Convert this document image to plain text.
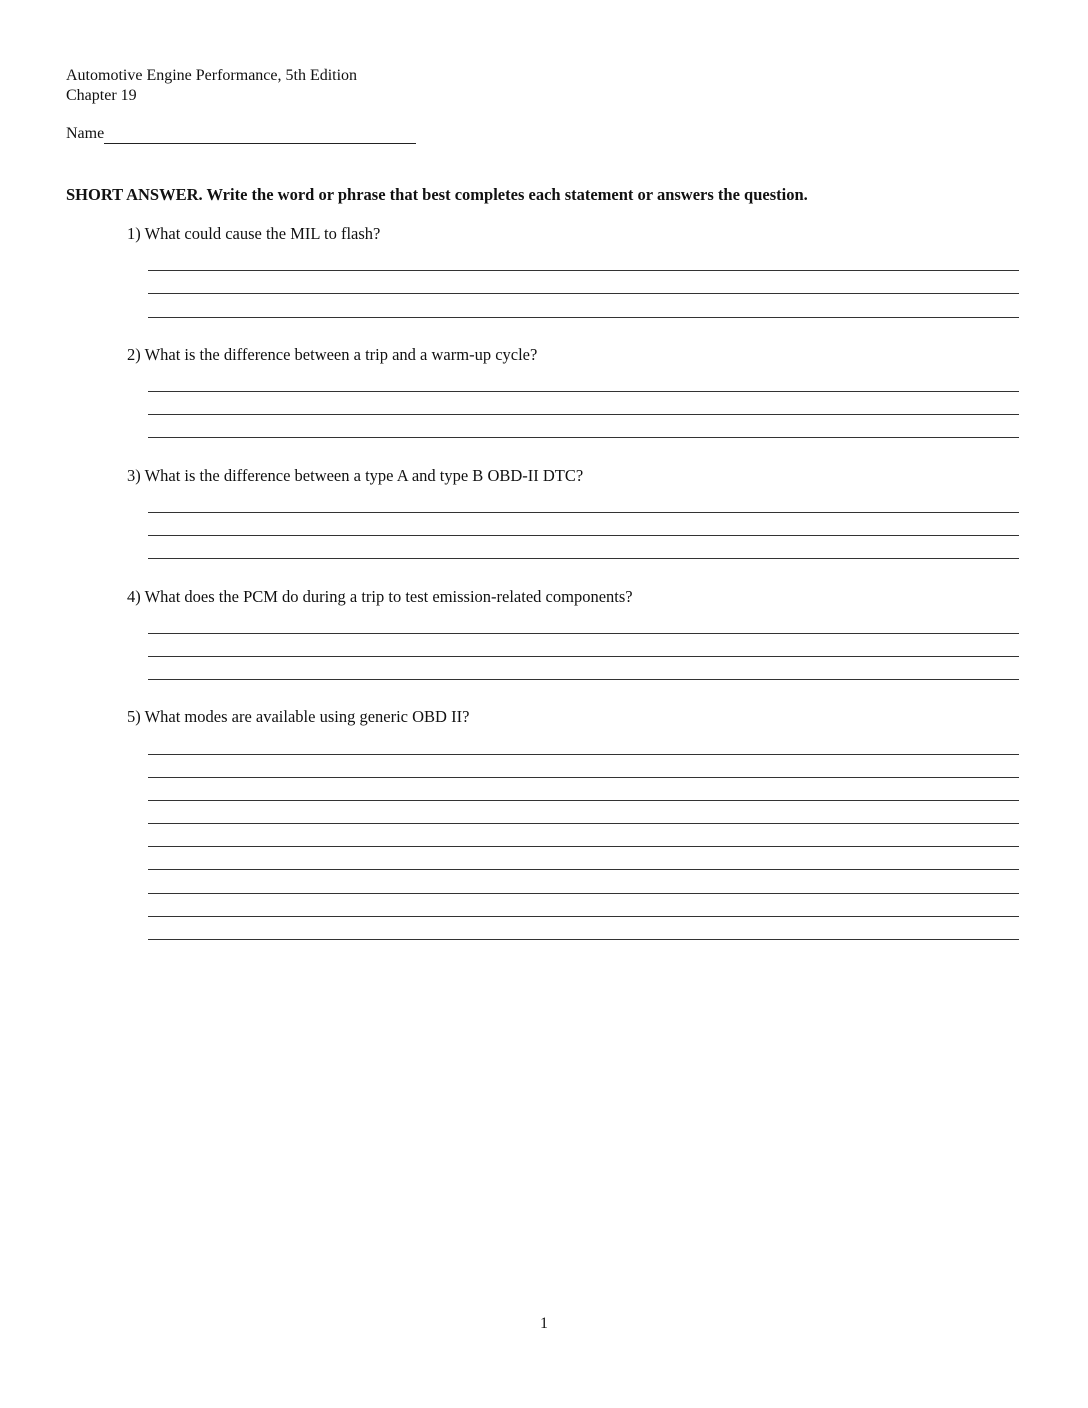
Automotive Engine Performance, 5th Edition
Chapter 19
Name
SHORT ANSWER. Write the word or phrase that best completes each statement or answers the question.
1) What could cause the MIL to flash?
2) What is the difference between a trip and a warm-up cycle?
3) What is the difference between a type A and type B OBD-II DTC?
4) What does the PCM do during a trip to test emission-related components?
5) What modes are available using generic OBD II?
1
